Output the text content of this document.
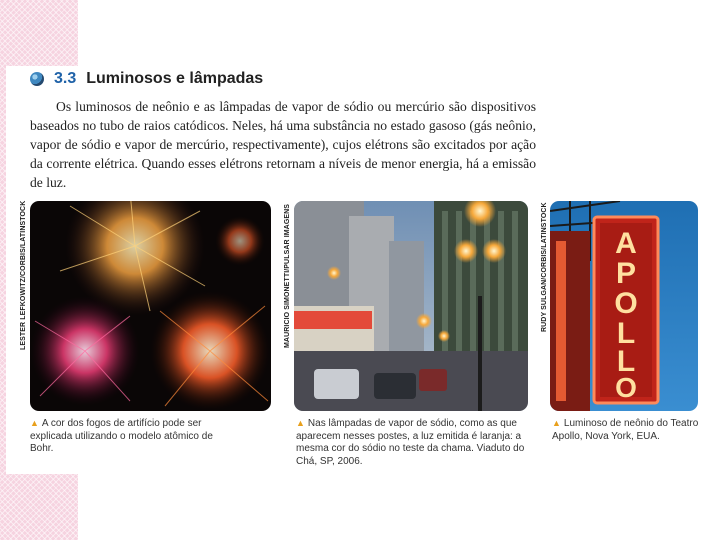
3.3 Luminosos e lâmpadas

Os luminosos de neônio e as lâmpadas de vapor de sódio ou mercúrio são dispositivos baseados no tubo de raios catódicos. Neles, há uma substância no estado gasoso (gás neônio, vapor de sódio e vapor de mercúrio, respectivamente), cujos elétrons são excitados por ação da corrente elétrica. Quando esses elétrons retornam a níveis de menor energia, há a emissão de luz.

LESTER LEFKOWITZ/CORBIS/LATINSTOCK
▲ A cor dos fogos de artifício pode ser explicada utilizando o modelo atômico de Bohr.
MAURICIO SIMONETTI/PULSAR IMAGENS
▲ Nas lâmpadas de vapor de sódio, como as que aparecem nesses postes, a luz emitida é laranja: a mesma cor do sódio no teste da chama. Viaduto do Chá, SP, 2006.
RUDY SULGAN/CORBIS/LATINSTOCK A
P
O
L
L
O
▲ Luminoso de neônio do Teatro Apollo, Nova York, EUA.
